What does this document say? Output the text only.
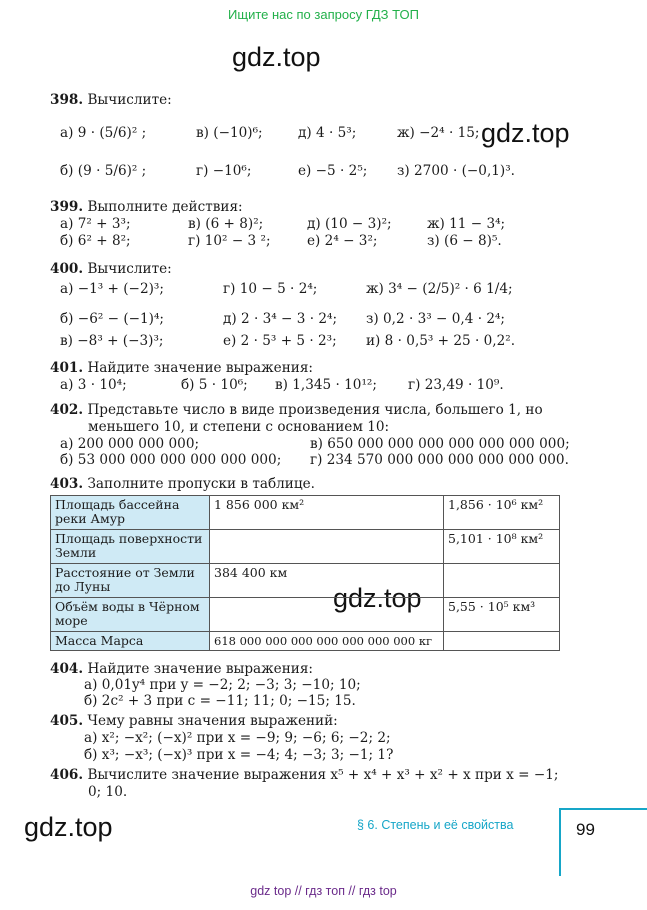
Ищите нас по запросу ГДЗ ТОП
gdz.top
gdz.top
gdz.top
gdz.top
398. Вычислите:
а) 9 · (5/6)² ;	в) (−10)⁶;	д) 4 · 5³;	ж) −2⁴ · 15;
б) (9 · 5/6)² ;	г) −10⁶;	е) −5 · 2⁵; з) 2700 · (−0,1)³.
399. Выполните действия:
а) 7² + 3³;	в) (6 + 8)²;	д) (10 − 3)²;	ж) 11 − 3⁴;
б) 6² + 8²;	г) 10² − 3 ²;	е) 2⁴ − 3²;	з) (6 − 8)⁵.
400. Вычислите:
а) −1³ + (−2)³;	г) 10 − 5 · 2⁴;	ж) 3⁴ − (2/5)² · 6 1/4;
б) −6² − (−1)⁴;	д) 2 · 3⁴ − 3 · 2⁴; з) 0,2 · 3³ − 0,4 · 2⁴;
в) −8³ + (−3)³;	е) 2 · 5³ + 5 · 2³; и) 8 · 0,5³ + 25 · 0,2².
401. Найдите значение выражения:
а) 3 · 10⁴;	б) 5 · 10⁶; в) 1,345 · 10¹²; г) 23,49 · 10⁹.
402. Представьте число в виде произведения числа, большего 1, но
меньшего 10, и степени с основанием 10:
а) 200 000 000 000;	в) 650 000 000 000 000 000 000 000;
б) 53 000 000 000 000 000 000; г) 234 570 000 000 000 000 000 000.
403. Заполните пропуски в таблице.
Площадь бассейна реки Амур	1 856 000 км²	1,856 · 10⁶ км²
Площадь поверхности Земли		5,101 · 10⁸ км²
Расстояние от Земли до Луны	384 400 км	
Объём воды в Чёрном море		5,55 · 10⁵ км³
Масса Марса	618 000 000 000 000 000 000 000 кг	
404. Найдите значение выражения:
а) 0,01y⁴ при y = −2; 2; −3; 3; −10; 10;
б) 2c² + 3 при c = −11; 11; 0; −15; 15.
405. Чему равны значения выражений:
а) x²; −x²; (−x)² при x = −9; 9; −6; 6; −2; 2;
б) x³; −x³; (−x)³ при x = −4; 4; −3; 3; −1; 1?
406. Вычислите значение выражения x⁵ + x⁴ + x³ + x² + x при x = −1;
0; 10.
§ 6. Степень и её свойства	99
gdz top // гдз топ // гдз top
